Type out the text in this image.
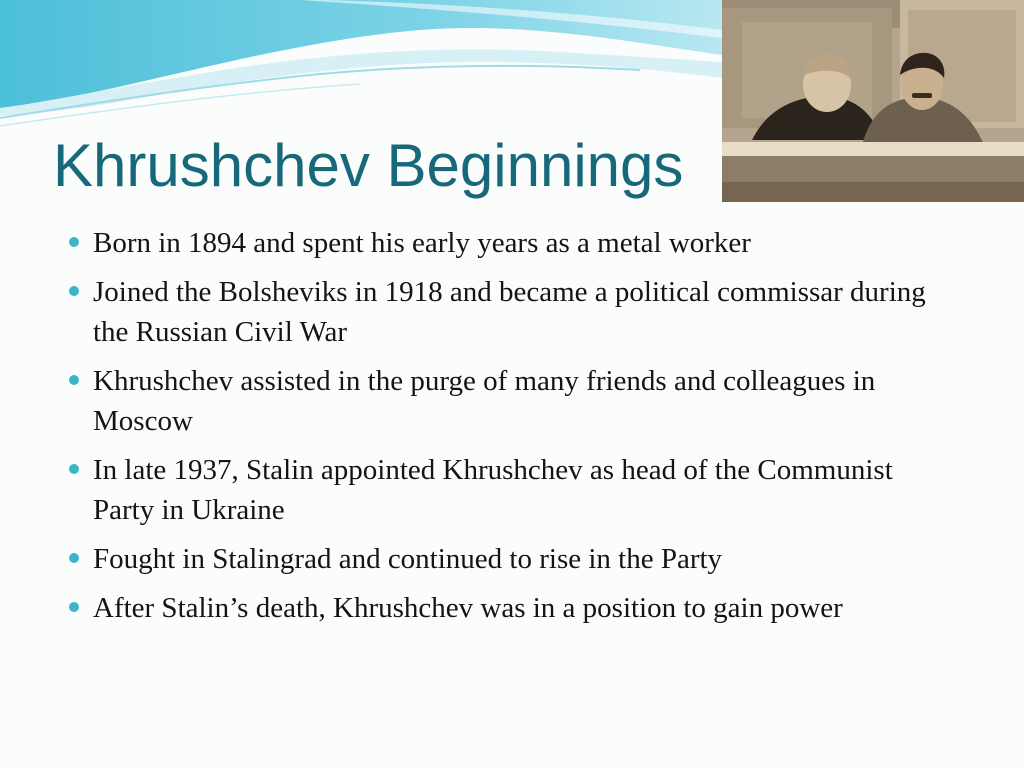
Khrushchev Beginnings
Born in 1894 and spent his early years as a metal worker
Joined the Bolsheviks in 1918 and became a political commissar during the Russian Civil War
Khrushchev assisted in the purge of many friends and colleagues in Moscow
In late 1937, Stalin appointed Khrushchev as head of the Communist Party in Ukraine
Fought in Stalingrad and continued to rise in the Party
After Stalin’s death, Khrushchev was in a position to gain power
